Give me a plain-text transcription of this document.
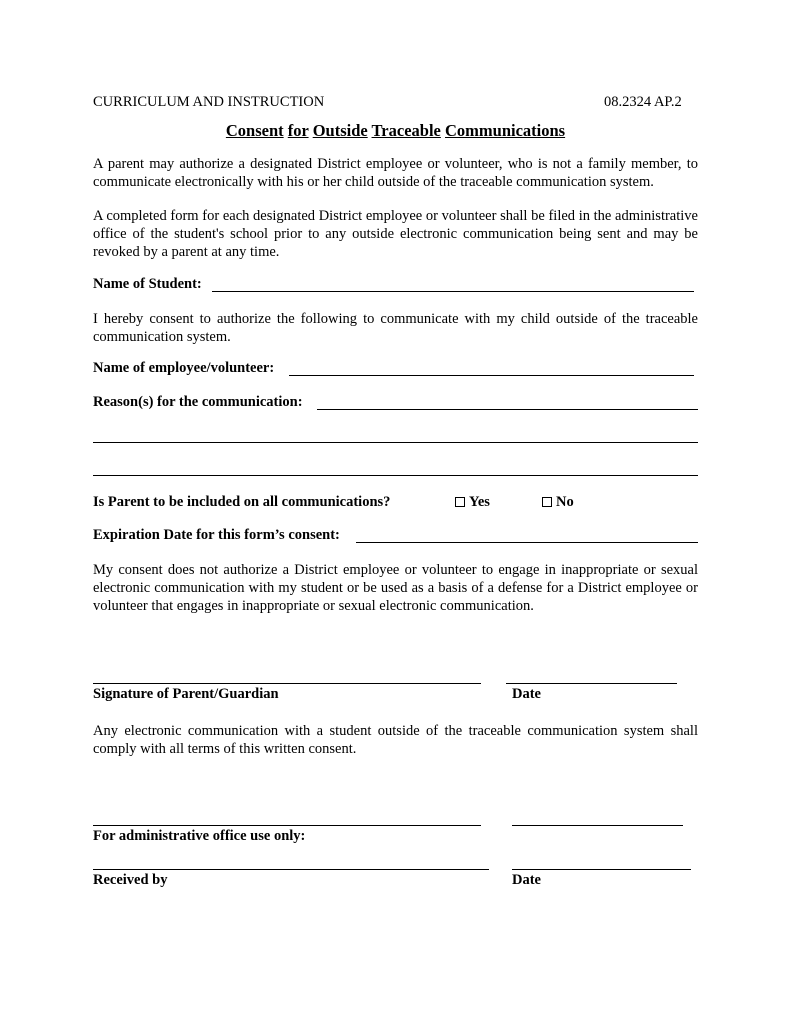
CURRICULUM AND INSTRUCTION	08.2324 AP.2
Consent for Outside Traceable Communications
A parent may authorize a designated District employee or volunteer, who is not a family member, to communicate electronically with his or her child outside of the traceable communication system.
A completed form for each designated District employee or volunteer shall be filed in the administrative office of the student's school prior to any outside electronic communication being sent and may be revoked by a parent at any time.
Name of Student:
I hereby consent to authorize the following to communicate with my child outside of the traceable communication system.
Name of employee/volunteer:
Reason(s) for the communication:
Is Parent to be included on all communications?	Yes	No
Expiration Date for this form’s consent:
My consent does not authorize a District employee or volunteer to engage in inappropriate or sexual electronic communication with my student or be used as a basis of a defense for a District employee or volunteer that engages in inappropriate or sexual electronic communication.
Signature of Parent/Guardian	Date
Any electronic communication with a student outside of the traceable communication system shall comply with all terms of this written consent.
For administrative office use only:
Received by	Date
